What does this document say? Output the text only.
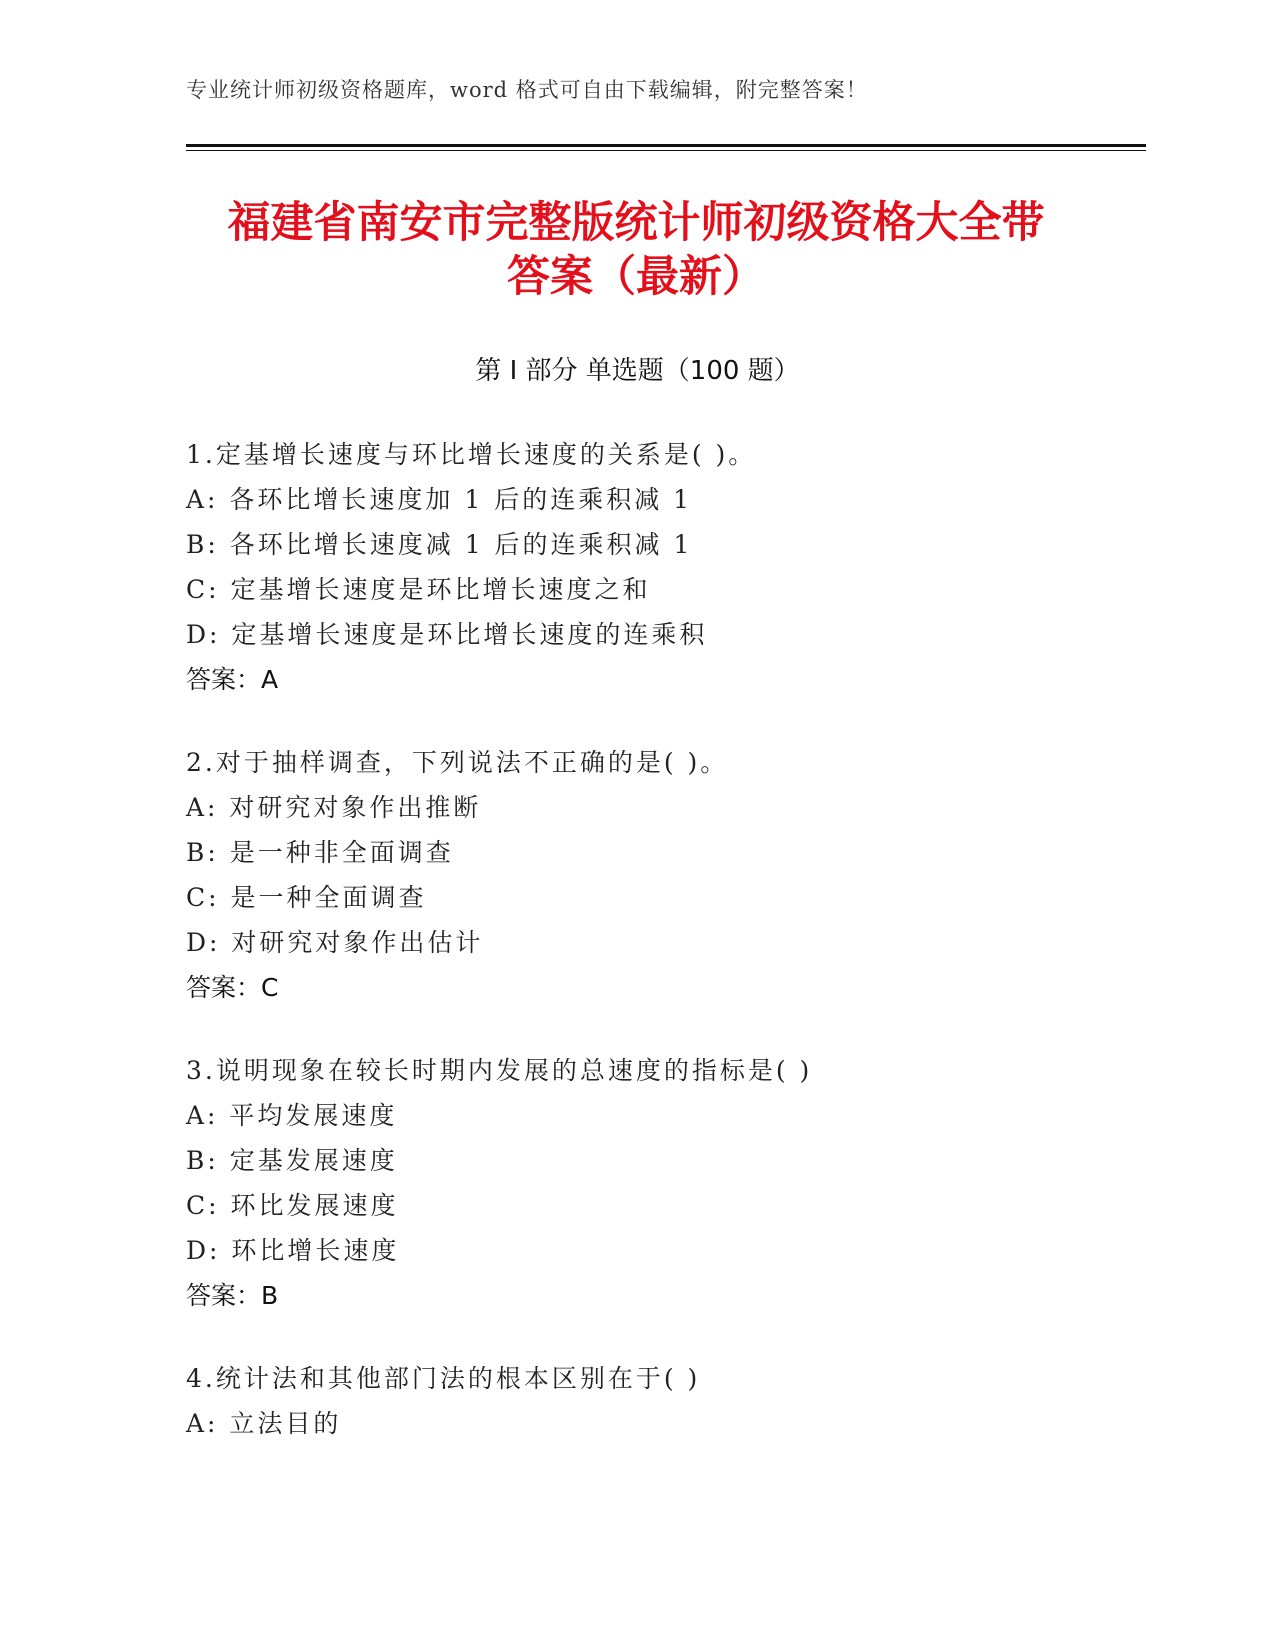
专业统计师初级资格题库，word 格式可自由下载编辑，附完整答案！
福建省南安市完整版统计师初级资格大全带
答案（最新）
第 I 部分 单选题（100 题）
1.定基增长速度与环比增长速度的关系是( )。
A: 各环比增长速度加 1 后的连乘积减 1
B: 各环比增长速度减 1 后的连乘积减 1
C: 定基增长速度是环比增长速度之和
D: 定基增长速度是环比增长速度的连乘积
答案：A
2.对于抽样调查，下列说法不正确的是( )。
A: 对研究对象作出推断
B: 是一种非全面调查
C: 是一种全面调查
D: 对研究对象作出估计
答案：C
3.说明现象在较长时期内发展的总速度的指标是( )
A: 平均发展速度
B: 定基发展速度
C: 环比发展速度
D: 环比增长速度
答案：B
4.统计法和其他部门法的根本区别在于( )
A: 立法目的
